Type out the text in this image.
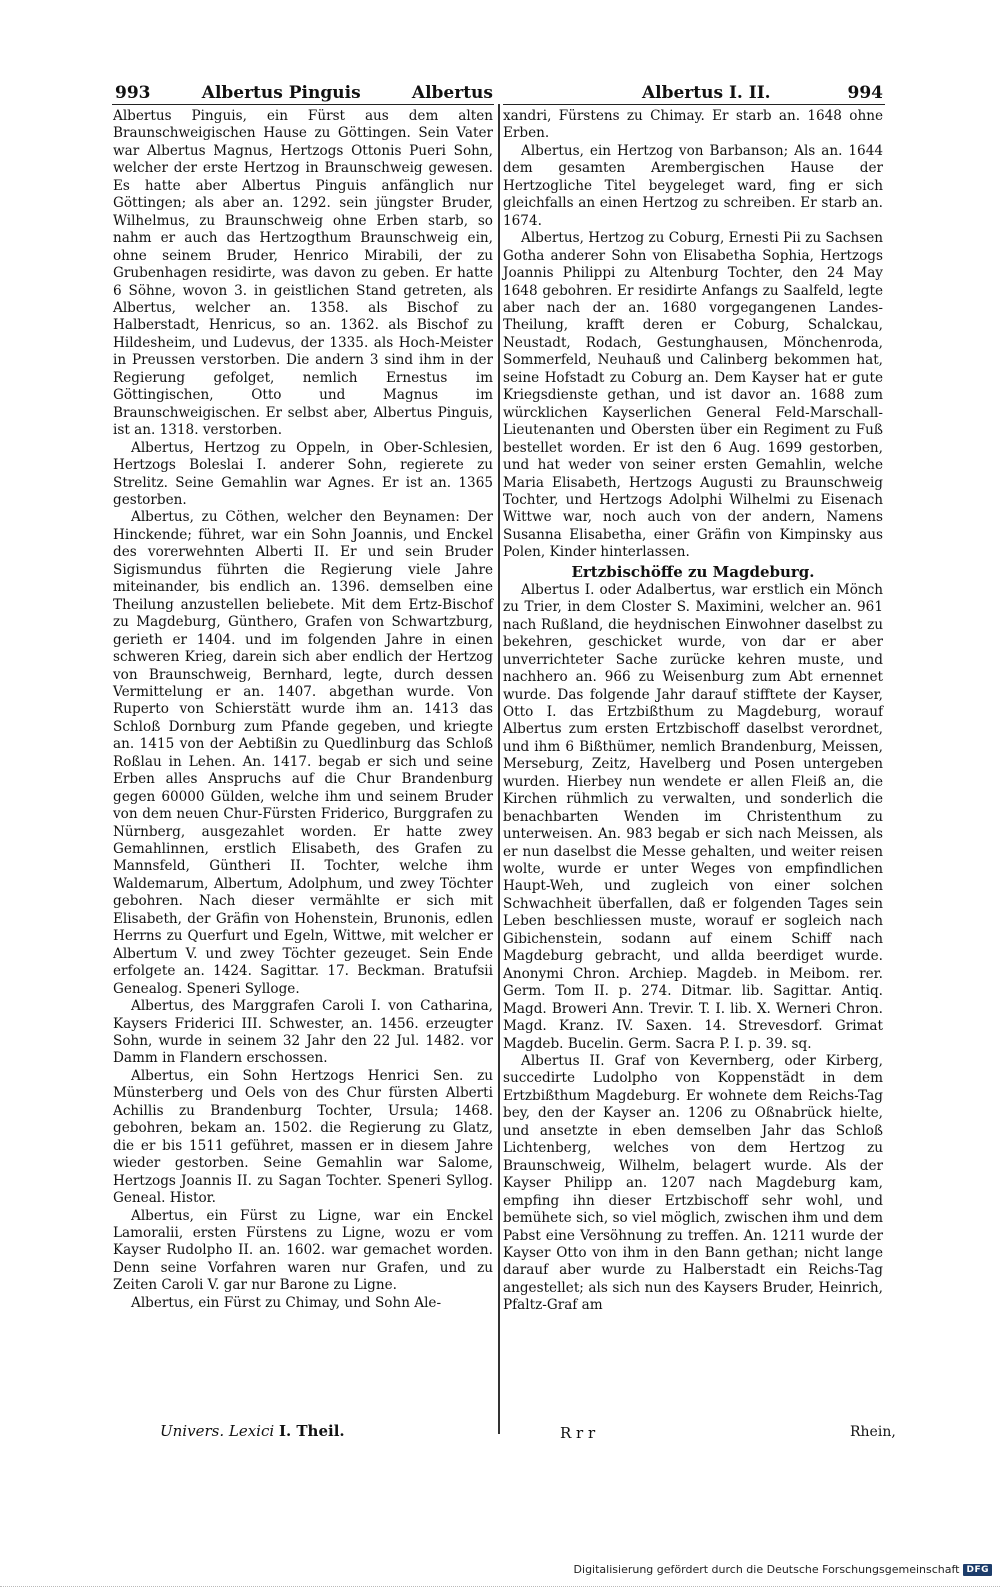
993	Albertus Pinguis	Albertus	Albertus I. II.	994

Albertus Pinguis, ein Fürst aus dem alten Braunschweigischen Hause zu Göttingen. Sein Vater war Albertus Magnus, Hertzogs Ottonis Pueri Sohn, welcher der erste Hertzog in Braunschweig gewesen. Es hatte aber Albertus Pinguis anfänglich nur Göttingen; als aber an. 1292. sein jüngster Bruder, Wilhelmus, zu Braunschweig ohne Erben starb, so nahm er auch das Hertzogthum Braunschweig ein, ohne seinem Bruder, Henrico Mirabili, der zu Grubenhagen residirte, was davon zu geben. Er hatte 6 Söhne, wovon 3. in geistlichen Stand getreten, als Albertus, welcher an. 1358. als Bischof zu Halberstadt, Henricus, so an. 1362. als Bischof zu Hildesheim, und Ludevus, der 1335. als Hoch-Meister in Preussen verstorben. Die andern 3 sind ihm in der Regierung gefolget, nemlich Ernestus im Göttingischen, Otto und Magnus im Braunschweigischen. Er selbst aber, Albertus Pinguis, ist an. 1318. verstorben.

Albertus, Hertzog zu Oppeln, in Ober-Schlesien, Hertzogs Boleslai I. anderer Sohn, regierete zu Strelitz. Seine Gemahlin war Agnes. Er ist an. 1365 gestorben.

Albertus, zu Cöthen, welcher den Beynamen: Der Hinckende; führet, war ein Sohn Joannis, und Enckel des vorerwehnten Alberti II. Er und sein Bruder Sigismundus führten die Regierung viele Jahre miteinander, bis endlich an. 1396. demselben eine Theilung anzustellen beliebete. Mit dem Ertz-Bischof zu Magdeburg, Günthero, Grafen von Schwartzburg, gerieth er 1404. und im folgenden Jahre in einen schweren Krieg, darein sich aber endlich der Hertzog von Braunschweig, Bernhard, legte, durch dessen Vermittelung er an. 1407. abgethan wurde. Von Ruperto von Schierstätt wurde ihm an. 1413 das Schloß Dornburg zum Pfande gegeben, und kriegte an. 1415 von der Aebtißin zu Quedlinburg das Schloß Roßlau in Lehen. An. 1417. begab er sich und seine Erben alles Anspruchs auf die Chur Brandenburg gegen 60000 Gülden, welche ihm und seinem Bruder von dem neuen Chur-Fürsten Friderico, Burggrafen zu Nürnberg, ausgezahlet worden. Er hatte zwey Gemahlinnen, erstlich Elisabeth, des Grafen zu Mannsfeld, Güntheri II. Tochter, welche ihm Waldemarum, Albertum, Adolphum, und zwey Töchter gebohren. Nach dieser vermählte er sich mit Elisabeth, der Gräfin von Hohenstein, Brunonis, edlen Herrns zu Querfurt und Egeln, Wittwe, mit welcher er Albertum V. und zwey Töchter gezeuget. Sein Ende erfolgete an. 1424. Sagittar. 17. Beckman. Bratufsii Genealog. Speneri Sylloge.

Albertus, des Marggrafen Caroli I. von Catharina, Kaysers Friderici III. Schwester, an. 1456. erzeugter Sohn, wurde in seinem 32 Jahr den 22 Jul. 1482. vor Damm in Flandern erschossen.

Albertus, ein Sohn Hertzogs Henrici Sen. zu Münsterberg und Oels von des Chur fürsten Alberti Achillis zu Brandenburg Tochter, Ursula; 1468. gebohren, bekam an. 1502. die Regierung zu Glatz, die er bis 1511 geführet, massen er in diesem Jahre wieder gestorben. Seine Gemahlin war Salome, Hertzogs Joannis II. zu Sagan Tochter. Speneri Syllog. Geneal. Histor.

Albertus, ein Fürst zu Ligne, war ein Enckel Lamoralii, ersten Fürstens zu Ligne, wozu er vom Kayser Rudolpho II. an. 1602. war gemachet worden. Denn seine Vorfahren waren nur Grafen, und zu Zeiten Caroli V. gar nur Barone zu Ligne.

Albertus, ein Fürst zu Chimay, und Sohn Ale-

Univers. Lexici I. Theil.

xandri, Fürstens zu Chimay. Er starb an. 1648 ohne Erben.

Albertus, ein Hertzog von Barbanson; Als an. 1644 dem gesamten Arembergischen Hause der Hertzogliche Titel beygeleget ward, fing er sich gleichfalls an einen Hertzog zu schreiben. Er starb an. 1674.

Albertus, Hertzog zu Coburg, Ernesti Pii zu Sachsen Gotha anderer Sohn von Elisabetha Sophia, Hertzogs Joannis Philippi zu Altenburg Tochter, den 24 May 1648 gebohren. Er residirte Anfangs zu Saalfeld, legte aber nach der an. 1680 vorgegangenen Landes-Theilung, krafft deren er Coburg, Schalckau, Neustadt, Rodach, Gestunghausen, Mönchenroda, Sommerfeld, Neuhauß und Calinberg bekommen hat, seine Hofstadt zu Coburg an. Dem Kayser hat er gute Kriegsdienste gethan, und ist davor an. 1688 zum würcklichen Kayserlichen General Feld-Marschall-Lieutenanten und Obersten über ein Regiment zu Fuß bestellet worden. Er ist den 6 Aug. 1699 gestorben, und hat weder von seiner ersten Gemahlin, welche Maria Elisabeth, Hertzogs Augusti zu Braunschweig Tochter, und Hertzogs Adolphi Wilhelmi zu Eisenach Wittwe war, noch auch von der andern, Namens Susanna Elisabetha, einer Gräfin von Kimpinsky aus Polen, Kinder hinterlassen.

Ertzbischöffe zu Magdeburg.

Albertus I. oder Adalbertus, war erstlich ein Mönch zu Trier, in dem Closter S. Maximini, welcher an. 961 nach Rußland, die heydnischen Einwohner daselbst zu bekehren, geschicket wurde, von dar er aber unverrichteter Sache zurücke kehren muste, und nachhero an. 966 zu Weisenburg zum Abt ernennet wurde. Das folgende Jahr darauf stifftete der Kayser, Otto I. das Ertzbißthum zu Magdeburg, worauf Albertus zum ersten Ertzbischoff daselbst verordnet, und ihm 6 Bißthümer, nemlich Brandenburg, Meissen, Merseburg, Zeitz, Havelberg und Posen untergeben wurden. Hierbey nun wendete er allen Fleiß an, die Kirchen rühmlich zu verwalten, und sonderlich die benachbarten Wenden im Christenthum zu unterweisen. An. 983 begab er sich nach Meissen, als er nun daselbst die Messe gehalten, und weiter reisen wolte, wurde er unter Weges von empfindlichen Haupt-Weh, und zugleich von einer solchen Schwachheit überfallen, daß er folgenden Tages sein Leben beschliessen muste, worauf er sogleich nach Gibichenstein, sodann auf einem Schiff nach Magdeburg gebracht, und allda beerdiget wurde. Anonymi Chron. Archiep. Magdeb. in Meibom. rer. Germ. Tom II. p. 274. Ditmar. lib. Sagittar. Antiq. Magd. Broweri Ann. Trevir. T. I. lib. X. Werneri Chron. Magd. Kranz. IV. Saxen. 14. Strevesdorf. Grimat Magdeb. Bucelin. Germ. Sacra P. I. p. 39. sq.

Albertus II. Graf von Kevernberg, oder Kirberg, succedirte Ludolpho von Koppenstädt in dem Ertzbißthum Magdeburg. Er wohnete dem Reichs-Tag bey, den der Kayser an. 1206 zu Oßnabrück hielte, und ansetzte in eben demselben Jahr das Schloß Lichtenberg, welches von dem Hertzog zu Braunschweig, Wilhelm, belagert wurde. Als der Kayser Philipp an. 1207 nach Magdeburg kam, empfing ihn dieser Ertzbischoff sehr wohl, und bemühete sich, so viel möglich, zwischen ihm und dem Pabst eine Versöhnung zu treffen. An. 1211 wurde der Kayser Otto von ihm in den Bann gethan; nicht lange darauf aber wurde zu Halberstadt ein Reichs-Tag angestellet; als sich nun des Kaysers Bruder, Heinrich, Pfaltz-Graf am

R r r	Rhein,
Digitalisierung gefördert durch die Deutsche Forschungsgemeinschaft DFG
